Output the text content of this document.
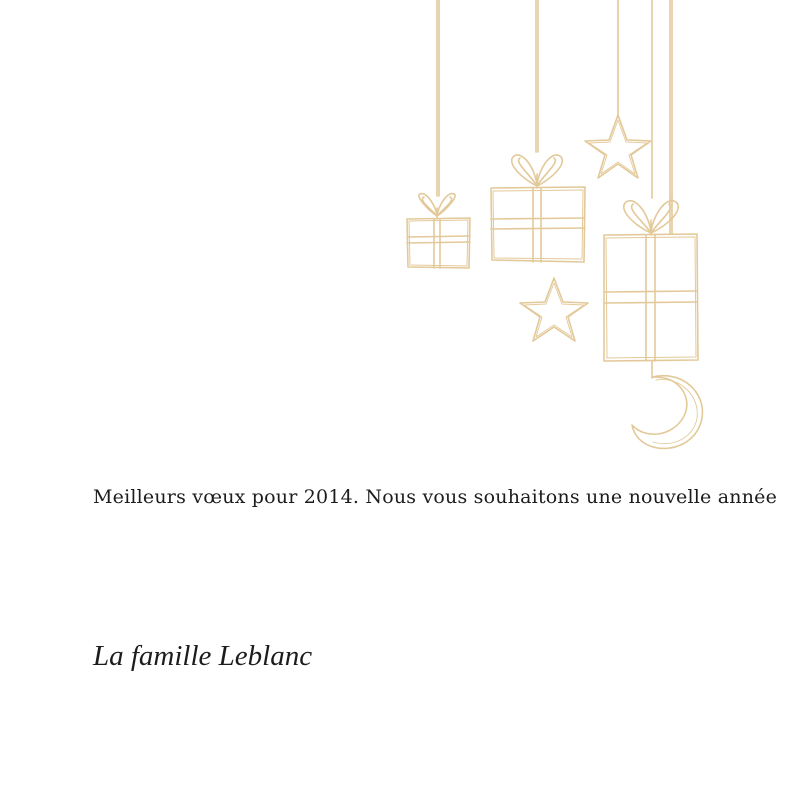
Meilleurs vœux pour 2014. Nous vous souhaitons une nouvelle année

La famille Leblanc
